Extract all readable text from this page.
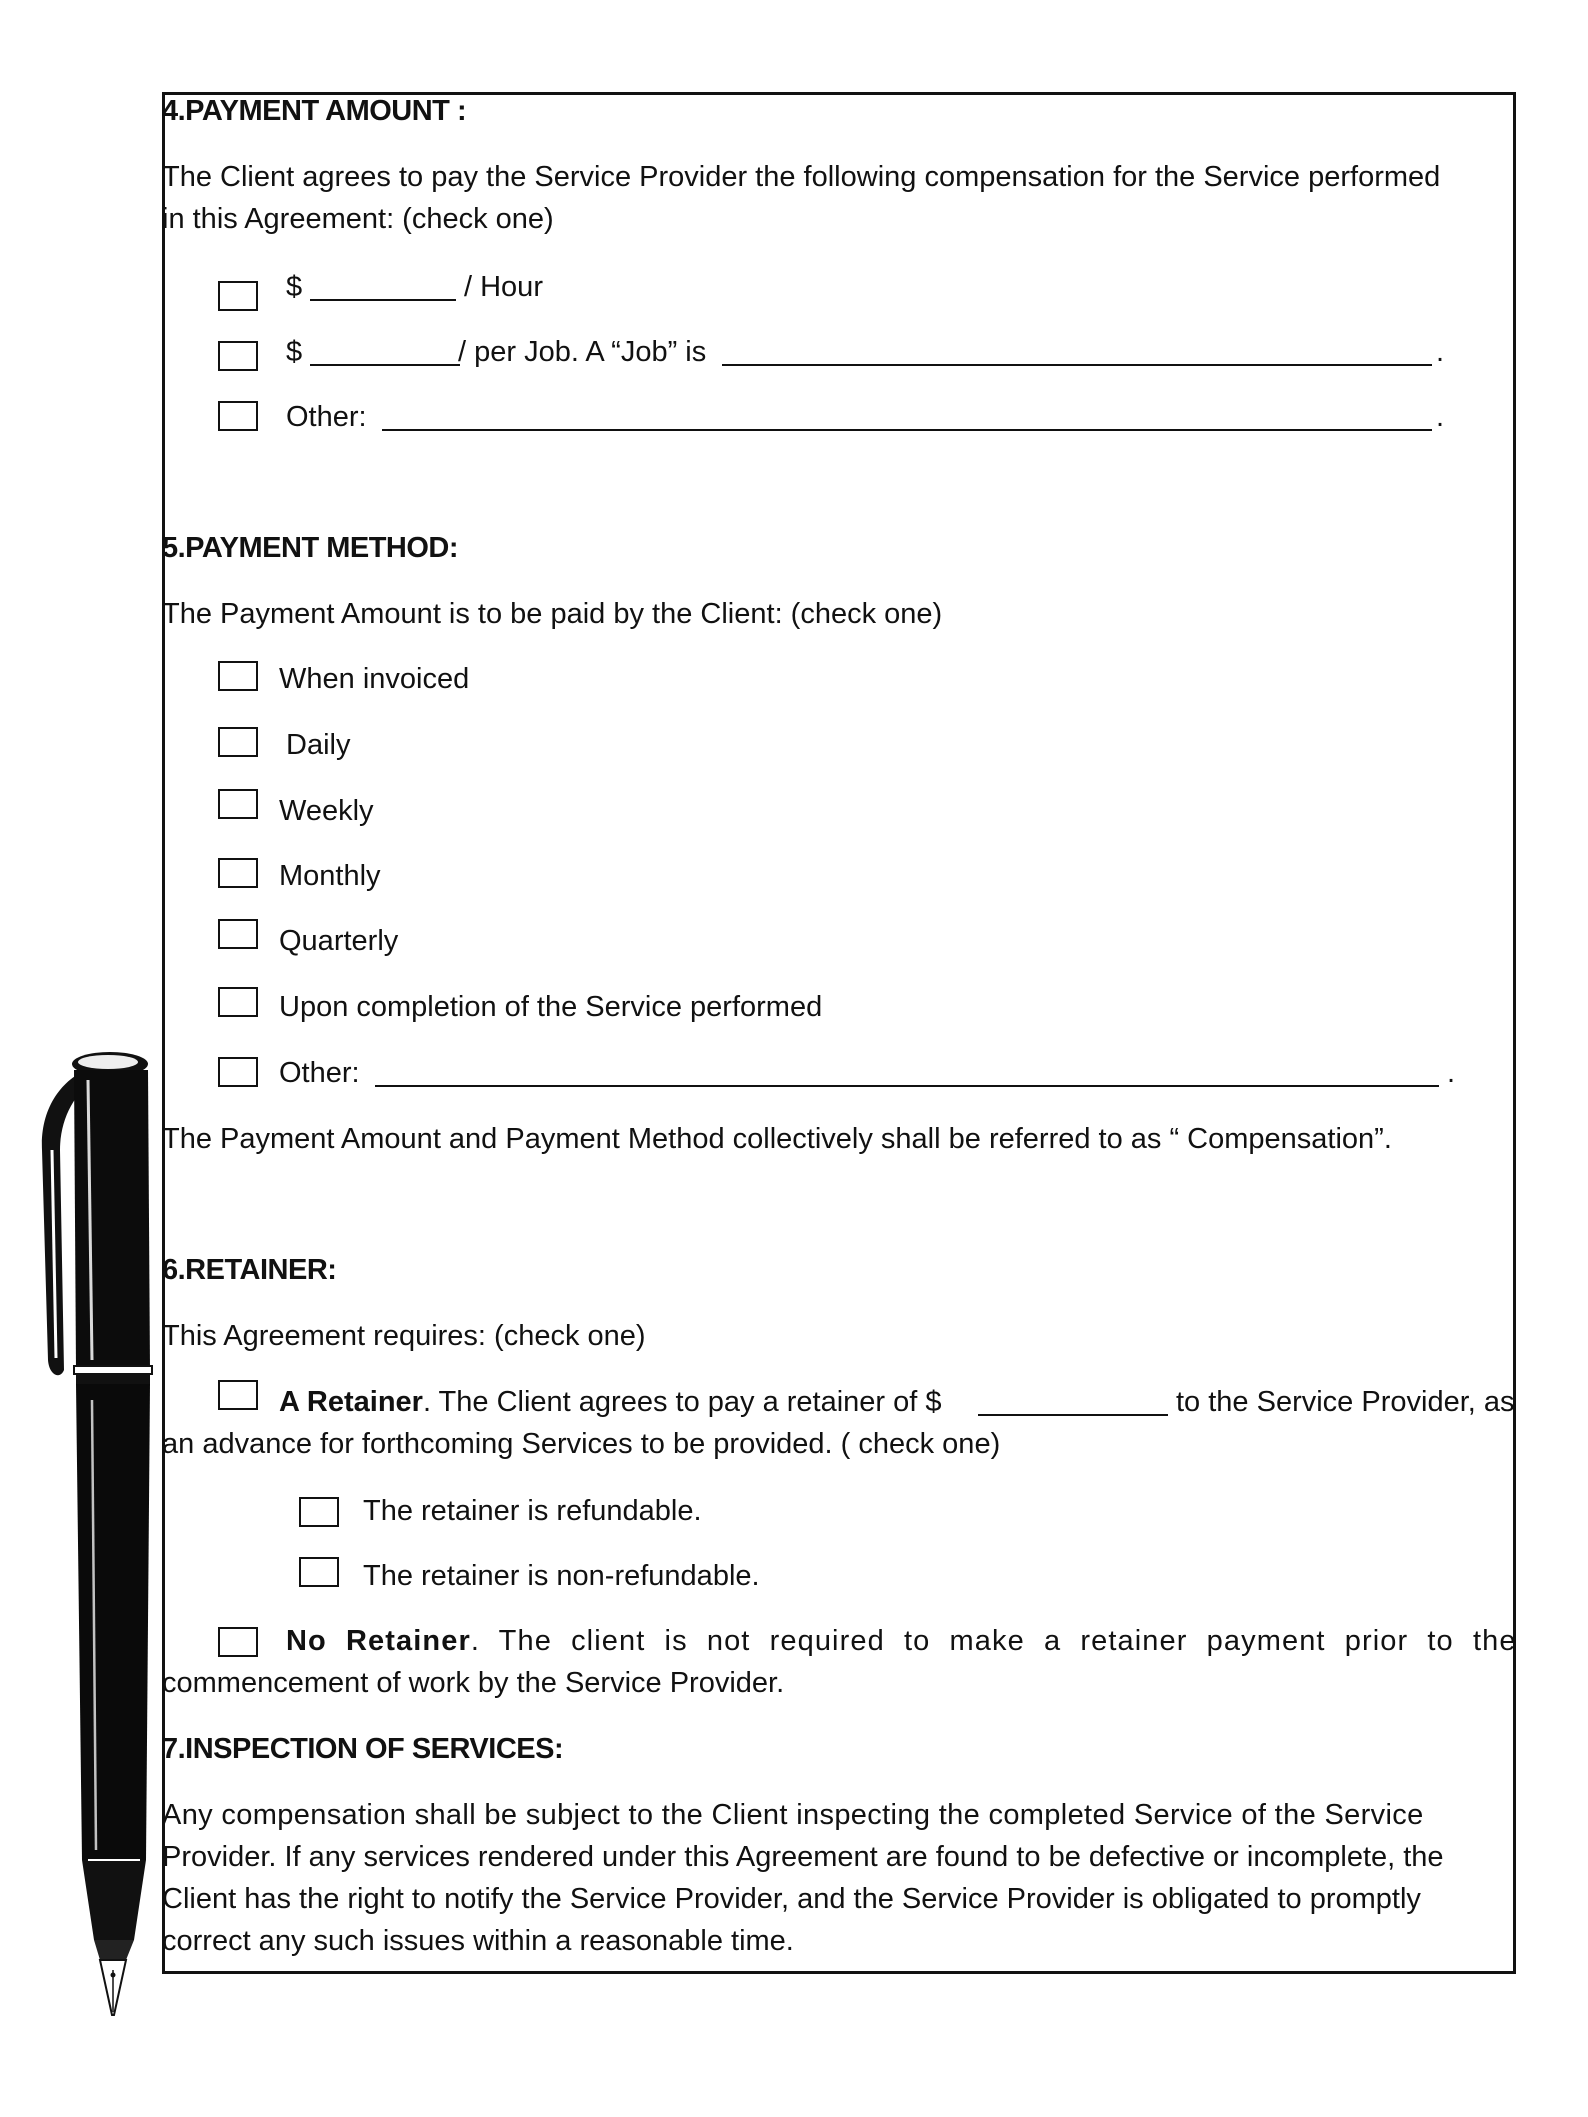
4.PAYMENT AMOUNT :
The Client agrees to pay the Service Provider the following compensation for the Service performed
in this Agreement: (check one)
$	/ Hour
$	/ per Job. A “Job” is	.
Other:	.
5.PAYMENT METHOD:
The Payment Amount is to be paid by the Client: (check one)
When invoiced
Daily
Weekly
Monthly
Quarterly
Upon completion of the Service performed
Other:	.
The Payment Amount and Payment Method collectively shall be referred to as “ Compensation”.
6.RETAINER:
This Agreement requires: (check one)
A Retainer. The Client agrees to pay a retainer of $	to the Service Provider, as
an advance for forthcoming Services to be provided. ( check one)
The retainer is refundable.
The retainer is non-refundable.
No Retainer. The client is not required to make a retainer payment prior to the
commencement of work by the Service Provider.
7.INSPECTION OF SERVICES:
Any compensation shall be subject to the Client inspecting the completed Service of the Service
Provider. If any services rendered under this Agreement are found to be defective or incomplete, the
Client has the right to notify the Service Provider, and the Service Provider is obligated to promptly
correct any such issues within a reasonable time.
